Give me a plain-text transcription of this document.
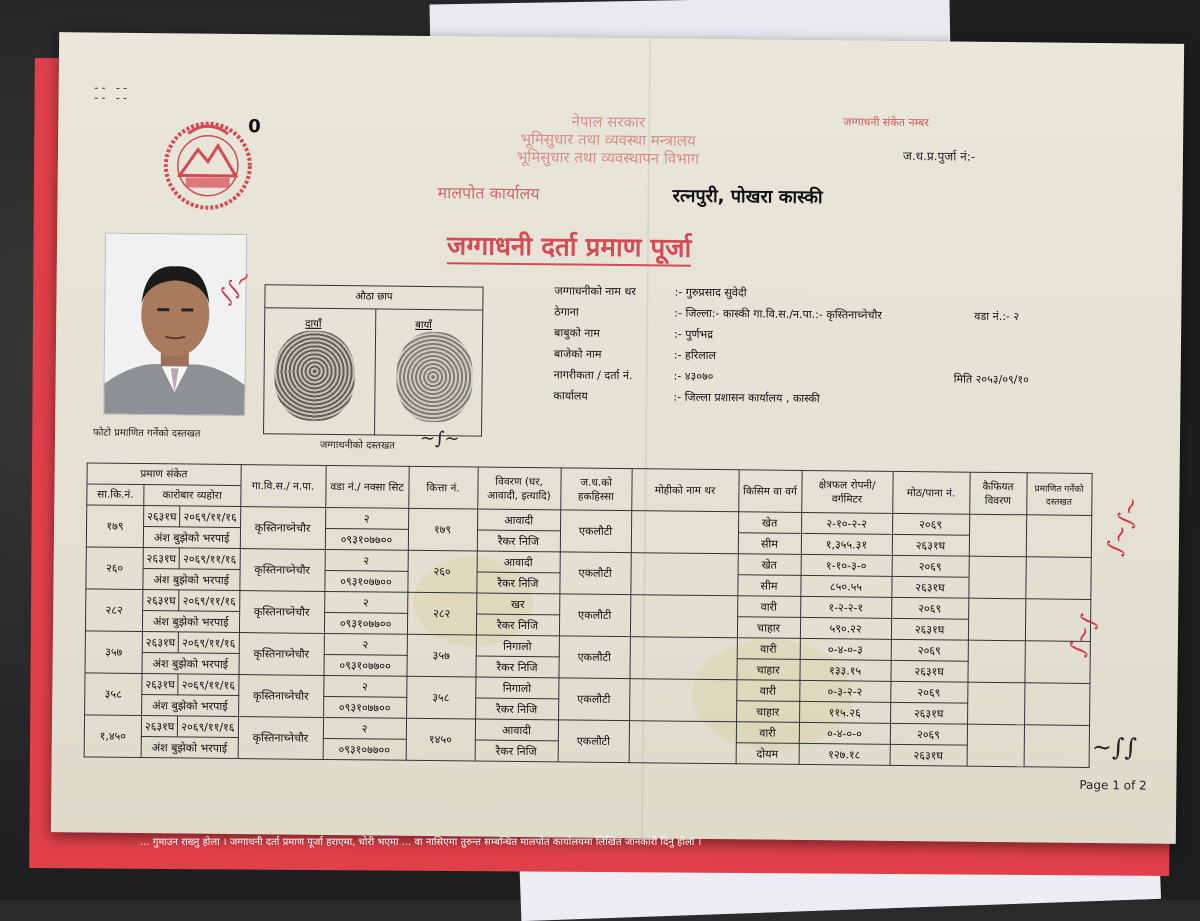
-- --
-- --
0	नेपाल सरकार
भूमिसुधार तथा व्यवस्था मन्त्रालय
भूमिसुधार तथा व्यवस्थापन विभाग
मालपोत कार्यालय	रत्नपुरी, पोखरा कास्की
जग्गाधनी दर्ता प्रमाण पूर्जा
जग्गाधनी संकेत नम्बर
ज.ध.प्र.पुर्जा नं:-
फोटो प्रमाणित गर्नेको दस्तखत
औठा छाप
दायाँ	बायाँ
जग्गाधनीको दस्तखत
जग्गाधनीको नाम थर	:- गुरुप्रसाद सुवेदी
ठेगाना	:- जिल्ला:- कास्की गा.वि.स./न.पा.:- कृस्तिनाच्नेचौर	वडा नं.:- २
बाबुको नाम	:- पुर्णभद्र
बाजेको नाम	:- हरिलाल
नागरीकता / दर्ता नं.	:- ४३०७०	मिति २०५३/०९/१०
कार्यालय	:- जिल्ला प्रशासन कार्यालय , कास्की
प्रमाण संकेत			गा.वि.स./ न.पा.	वडा नं./ नक्सा सिट	कित्ता नं.	विवरण (घर, आवादी, इत्यादि)	ज.ध.को हकहिस्सा	मोहीको नाम थर	किसिम वा वर्ग	क्षेत्रफल रोपनी/वर्गमिटर	मोठ/पाना नं.	कैफियत विवरण	प्रमाणित गर्नेको दस्तखत
सा.कि.नं.	कारोबार व्यहोरा												
१७९	२६३१घ	२०६९/११/१६	कृस्तिनाच्नेचौर	२	१७९	आवादी	एकलौटी		खेत	२-१०-२-२	२०६९		
	अंश बुझेको भरपाई			०९३१०७७००		रैकर निजि			सीम	१,३५५.३१	२६३१घ		
२६०	२६३१घ	२०६९/११/१६	कृस्तिनाच्नेचौर	२	२६०	आवादी	एकलौटी		खेत	१-१०-३-०	२०६९		
	अंश बुझेको भरपाई			०९३१०७७००		रैकर निजि			सीम	८५०.५५	२६३१घ		
२८२	२६३१घ	२०६९/११/१६	कृस्तिनाच्नेचौर	२	२८२	खर	एकलौटी		वारी	१-२-२-१	२०६९		
	अंश बुझेको भरपाई			०९३१०७७००		रैकर निजि			चाहार	५९०.२२	२६३१घ		
३५७	२६३१घ	२०६९/११/१६	कृस्तिनाच्नेचौर	२	३५७	निगालो	एकलौटी		वारी	०-४-०-३	२०६९		
	अंश बुझेको भरपाई			०९३१०७७००		रैकर निजि			चाहार	१३३.१५	२६३१घ		
३५८	२६३१घ	२०६९/११/१६	कृस्तिनाच्नेचौर	२	३५८	निगालो	एकलौटी		वारी	०-३-२-२	२०६९		
	अंश बुझेको भरपाई			०९३१०७७००		रैकर निजि			चाहार	११५.२६	२६३१घ		
१,४५०	२६३१घ	२०६९/११/१६	कृस्तिनाच्नेचौर	२	१४५०	आवादी	एकलौटी		वारी	०-४-०-०	२०६९		
	अंश बुझेको भरपाई			०९३१०७७००		रैकर निजि			दोयम	१२७.१८	२६३१घ		
∫∫∼
∼∫∼
∫∼∫∼
∫∼∫
∼∫∫
Page 1 of 2
... गुमाउन राख्नु होला । जग्गाधनी दर्ता प्रमाण पूर्जा हराएमा, चोरी भएमा ... वा नासिएमा तुरुन्त सम्बन्धित मालपोत कार्यालयमा लिखित जानकारी दिनु होला ।
